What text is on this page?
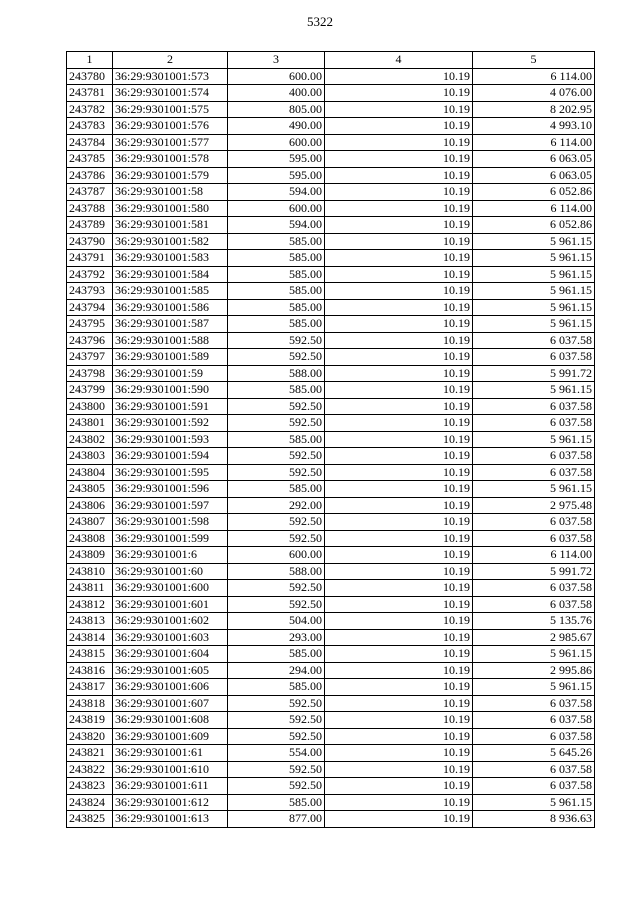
5322
1	2	3	4	5
243780	36:29:9301001:573	600.00	10.19	6 114.00
243781	36:29:9301001:574	400.00	10.19	4 076.00
243782	36:29:9301001:575	805.00	10.19	8 202.95
243783	36:29:9301001:576	490.00	10.19	4 993.10
243784	36:29:9301001:577	600.00	10.19	6 114.00
243785	36:29:9301001:578	595.00	10.19	6 063.05
243786	36:29:9301001:579	595.00	10.19	6 063.05
243787	36:29:9301001:58	594.00	10.19	6 052.86
243788	36:29:9301001:580	600.00	10.19	6 114.00
243789	36:29:9301001:581	594.00	10.19	6 052.86
243790	36:29:9301001:582	585.00	10.19	5 961.15
243791	36:29:9301001:583	585.00	10.19	5 961.15
243792	36:29:9301001:584	585.00	10.19	5 961.15
243793	36:29:9301001:585	585.00	10.19	5 961.15
243794	36:29:9301001:586	585.00	10.19	5 961.15
243795	36:29:9301001:587	585.00	10.19	5 961.15
243796	36:29:9301001:588	592.50	10.19	6 037.58
243797	36:29:9301001:589	592.50	10.19	6 037.58
243798	36:29:9301001:59	588.00	10.19	5 991.72
243799	36:29:9301001:590	585.00	10.19	5 961.15
243800	36:29:9301001:591	592.50	10.19	6 037.58
243801	36:29:9301001:592	592.50	10.19	6 037.58
243802	36:29:9301001:593	585.00	10.19	5 961.15
243803	36:29:9301001:594	592.50	10.19	6 037.58
243804	36:29:9301001:595	592.50	10.19	6 037.58
243805	36:29:9301001:596	585.00	10.19	5 961.15
243806	36:29:9301001:597	292.00	10.19	2 975.48
243807	36:29:9301001:598	592.50	10.19	6 037.58
243808	36:29:9301001:599	592.50	10.19	6 037.58
243809	36:29:9301001:6	600.00	10.19	6 114.00
243810	36:29:9301001:60	588.00	10.19	5 991.72
243811	36:29:9301001:600	592.50	10.19	6 037.58
243812	36:29:9301001:601	592.50	10.19	6 037.58
243813	36:29:9301001:602	504.00	10.19	5 135.76
243814	36:29:9301001:603	293.00	10.19	2 985.67
243815	36:29:9301001:604	585.00	10.19	5 961.15
243816	36:29:9301001:605	294.00	10.19	2 995.86
243817	36:29:9301001:606	585.00	10.19	5 961.15
243818	36:29:9301001:607	592.50	10.19	6 037.58
243819	36:29:9301001:608	592.50	10.19	6 037.58
243820	36:29:9301001:609	592.50	10.19	6 037.58
243821	36:29:9301001:61	554.00	10.19	5 645.26
243822	36:29:9301001:610	592.50	10.19	6 037.58
243823	36:29:9301001:611	592.50	10.19	6 037.58
243824	36:29:9301001:612	585.00	10.19	5 961.15
243825	36:29:9301001:613	877.00	10.19	8 936.63
